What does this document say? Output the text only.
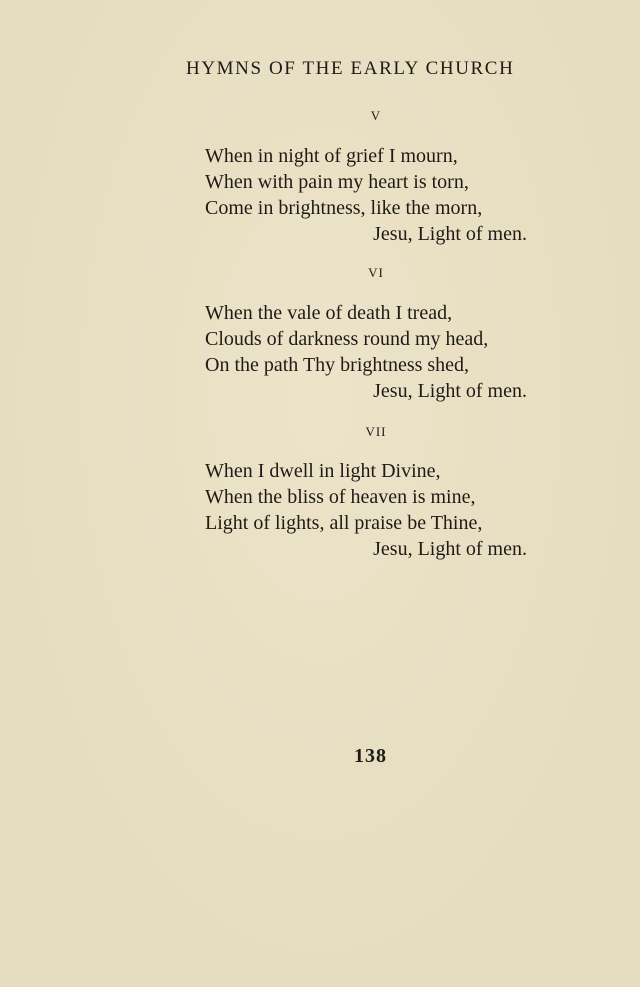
HYMNS OF THE EARLY CHURCH
V
When in night of grief I mourn,
When with pain my heart is torn,
Come in brightness, like the morn,
Jesu, Light of men.
VI
When the vale of death I tread,
Clouds of darkness round my head,
On the path Thy brightness shed,
Jesu, Light of men.
VII
When I dwell in light Divine,
When the bliss of heaven is mine,
Light of lights, all praise be Thine,
Jesu, Light of men.
138
